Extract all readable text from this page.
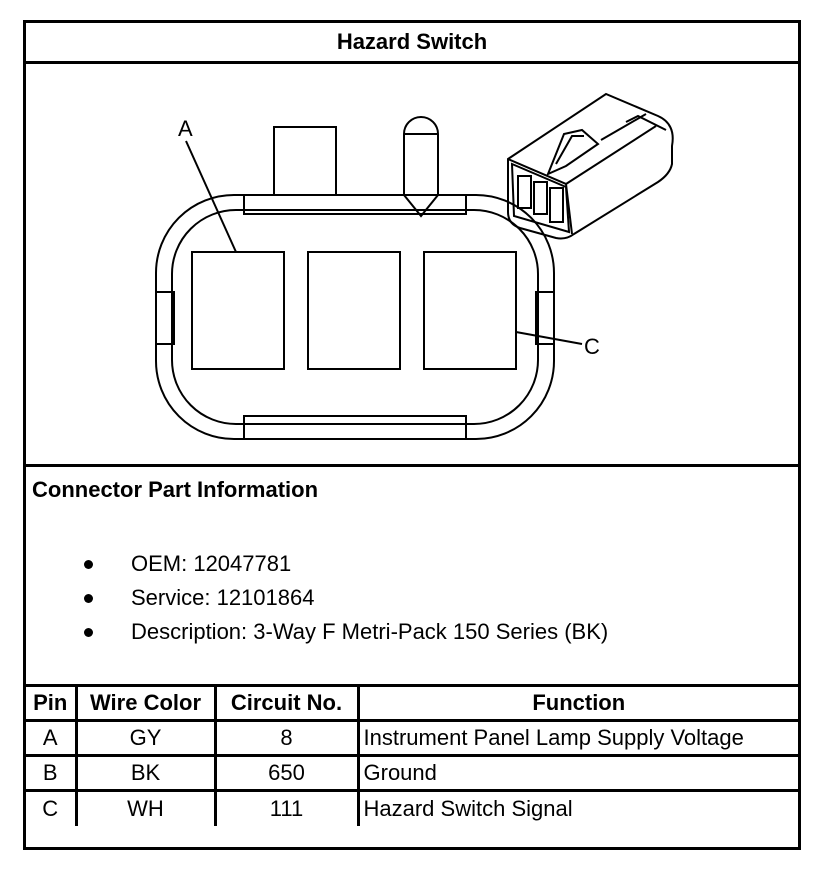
Hazard Switch
A
C
Connector Part Information
OEM: 12047781
Service: 12101864
Description: 3-Way F Metri-Pack 150 Series (BK)
Pin	Wire Color	Circuit No.	Function
A	GY	8	Instrument Panel Lamp Supply Voltage
B	BK	650	Ground
C	WH	111	Hazard Switch Signal
